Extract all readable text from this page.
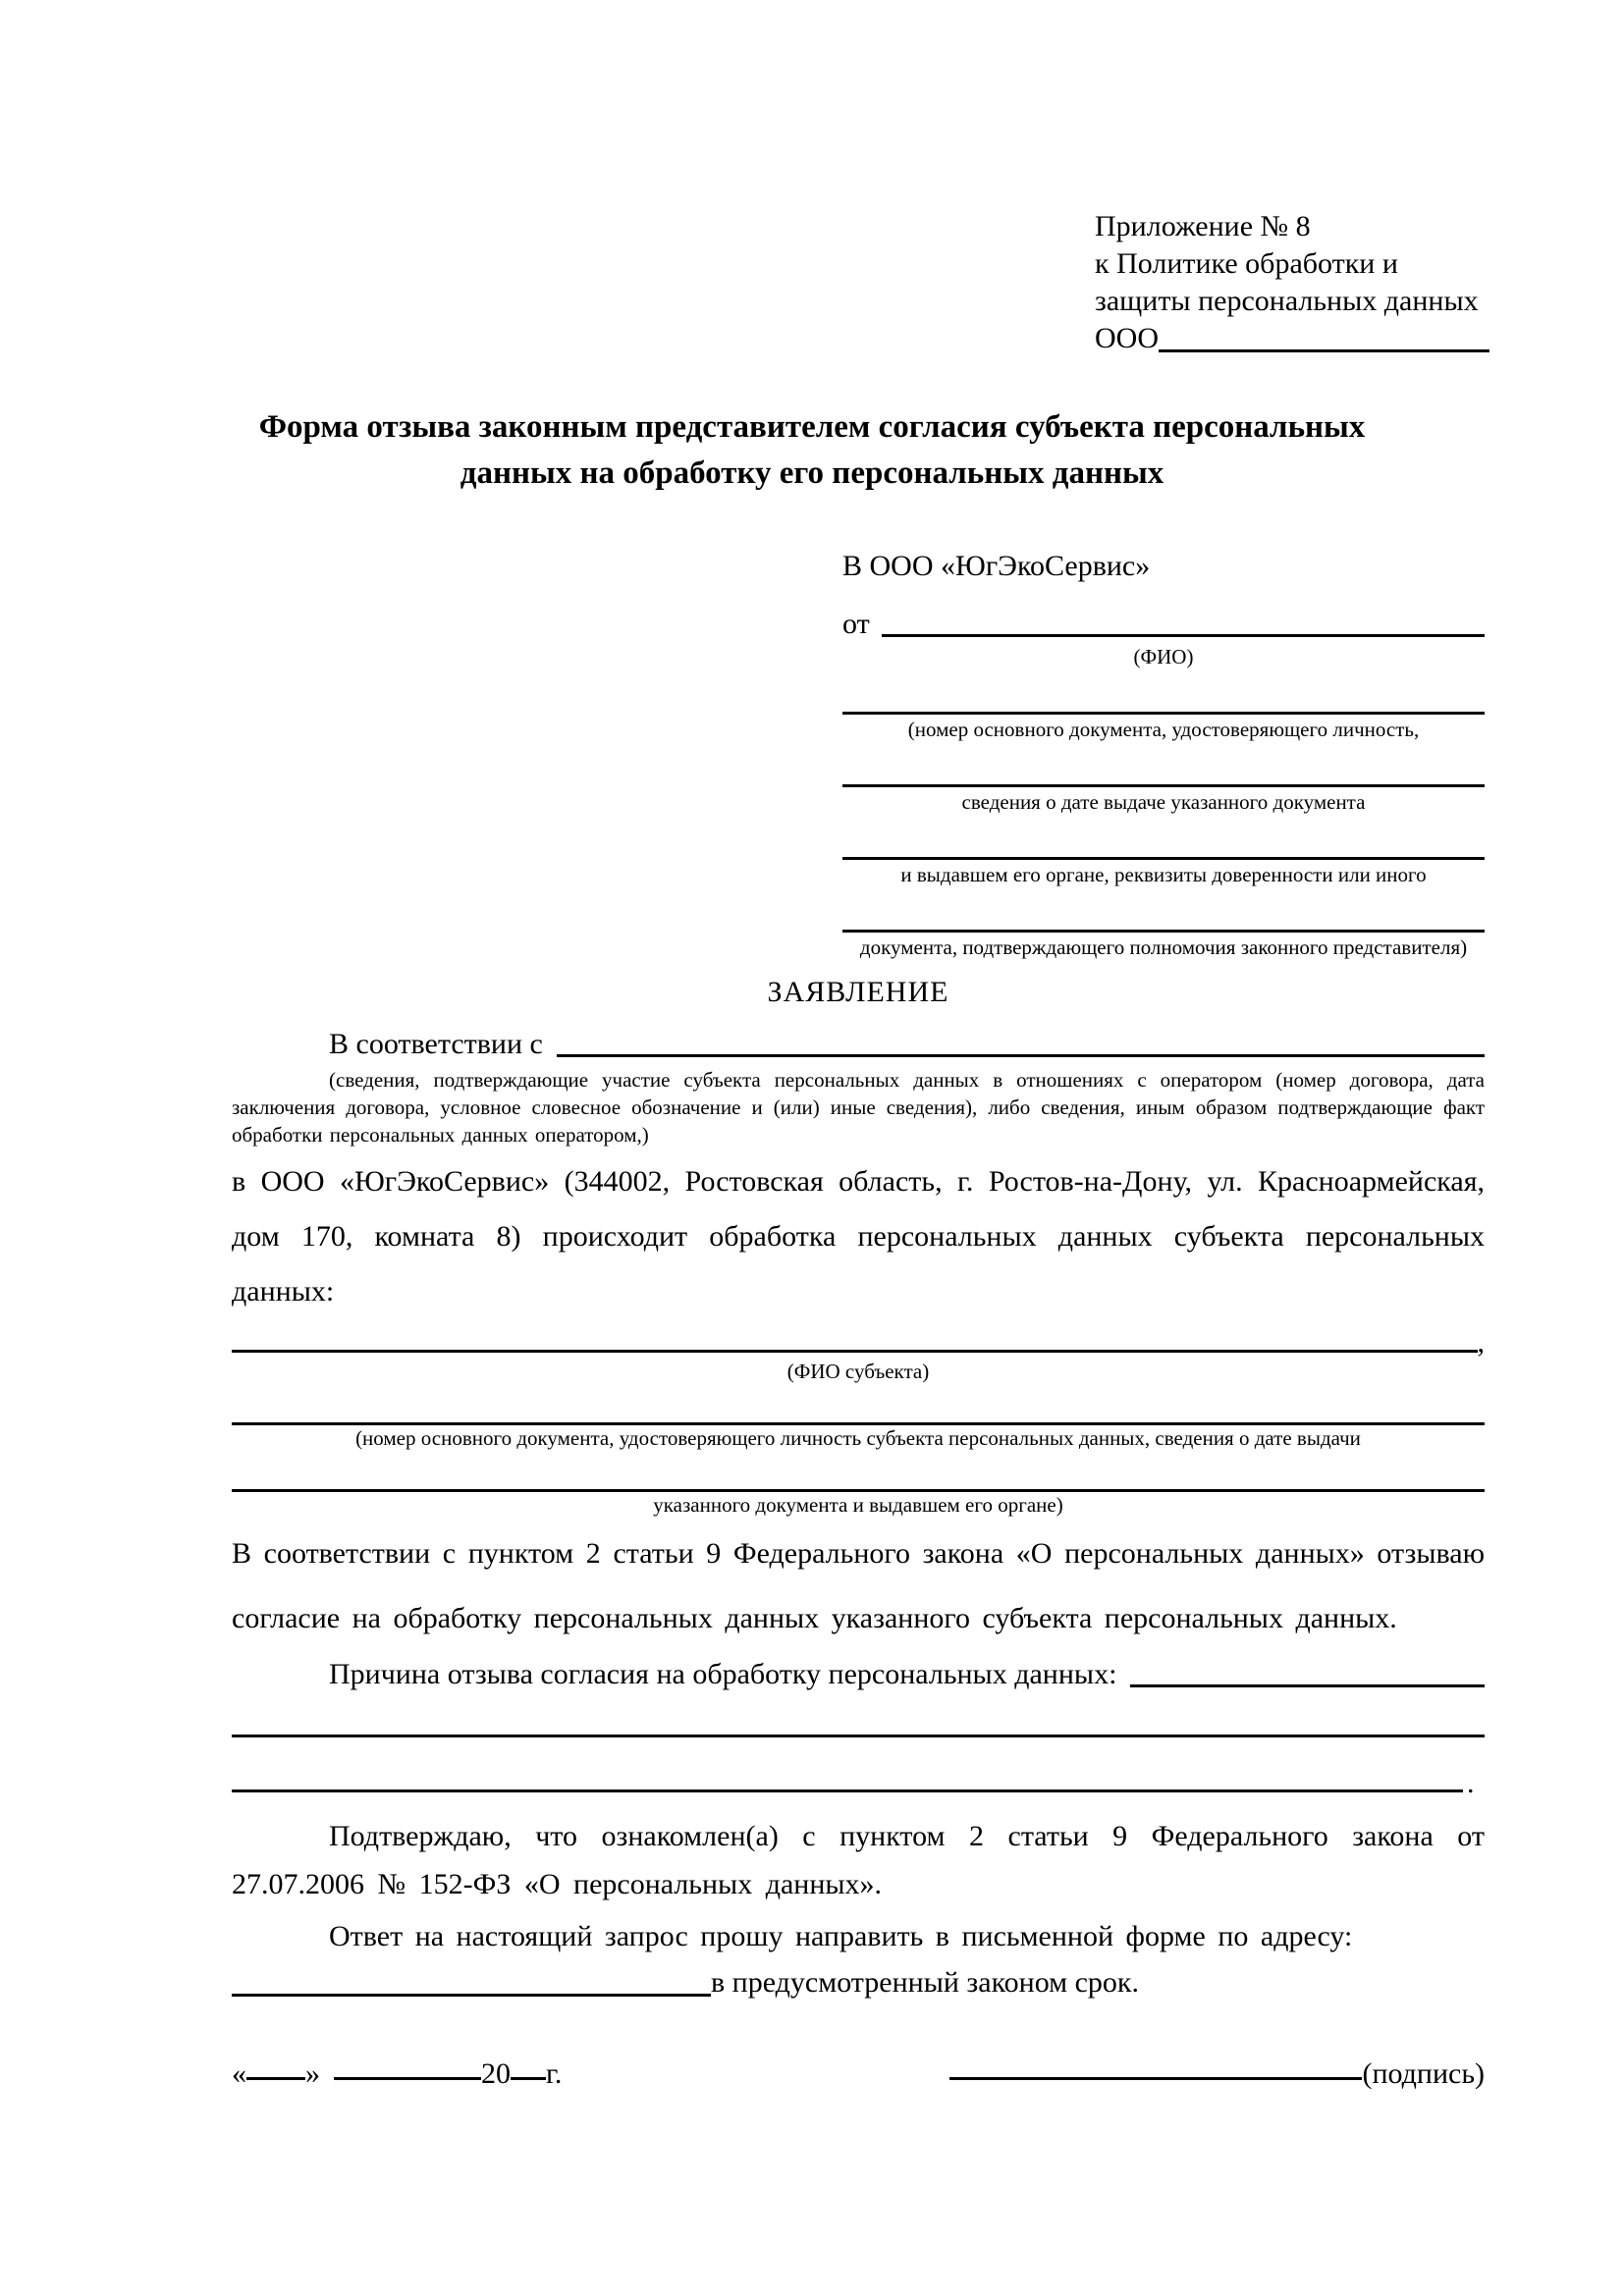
Приложение № 8
к Политике обработки и
защиты персональных данных
ООО
Форма отзыва законным представителем согласия субъекта персональных данных на обработку его персональных данных
В ООО «ЮгЭкоСервис»
от
(ФИО)
(номер основного документа, удостоверяющего личность,
сведения о дате выдаче указанного документа
и выдавшем его органе, реквизиты доверенности или иного
документа, подтверждающего полномочия законного представителя)
ЗАЯВЛЕНИЕ
В соответствии с

(сведения, подтверждающие участие субъекта персональных данных в отношениях с оператором (номер договора, дата заключения договора, условное словесное обозначение и (или) иные сведения), либо сведения, иным образом подтверждающие факт обработки персональных данных оператором,)

в ООО «ЮгЭкоСервис» (344002, Ростовская область, г. Ростов-на-Дону, ул. Красноармейская, дом 170, комната 8) происходит обработка персональных данных субъекта персональных данных:

,
(ФИО субъекта)
(номер основного документа, удостоверяющего личность субъекта персональных данных, сведения о дате выдачи
указанного документа и выдавшем его органе)

В соответствии с пунктом 2 статьи 9 Федерального закона «О персональных данных» отзываю согласие на обработку персональных данных указанного субъекта персональных данных.

Причина отзыва согласия на обработку персональных данных:
.

Подтверждаю, что ознакомлен(а) с пунктом 2 статьи 9 Федерального закона от 27.07.2006 № 152-ФЗ «О персональных данных».

Ответ на настоящий запрос прошу направить в письменной форме по адресу:

в предусмотренный законом срок.
« »	20 г.	(подпись)
